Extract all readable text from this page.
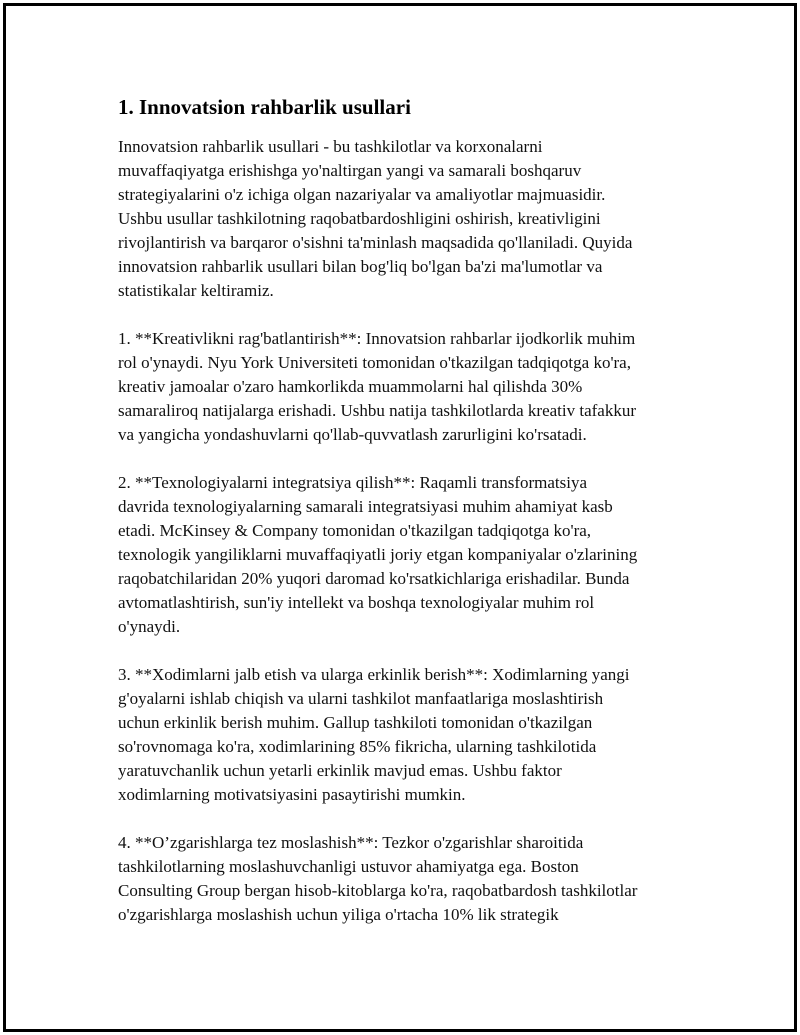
1. Innovatsion rahbarlik usullari

Innovatsion rahbarlik usullari - bu tashkilotlar va korxonalarni
muvaffaqiyatga erishishga yo'naltirgan yangi va samarali boshqaruv
strategiyalarini o'z ichiga olgan nazariyalar va amaliyotlar majmuasidir.
Ushbu usullar tashkilotning raqobatbardoshligini oshirish, kreativligini
rivojlantirish va barqaror o'sishni ta'minlash maqsadida qo'llaniladi. Quyida
innovatsion rahbarlik usullari bilan bog'liq bo'lgan ba'zi ma'lumotlar va
statistikalar keltiramiz.

1. **Kreativlikni rag'batlantirish**: Innovatsion rahbarlar ijodkorlik muhim
rol o'ynaydi. Nyu York Universiteti tomonidan o'tkazilgan tadqiqotga ko'ra,
kreativ jamoalar o'zaro hamkorlikda muammolarni hal qilishda 30%
samaraliroq natijalarga erishadi. Ushbu natija tashkilotlarda kreativ tafakkur
va yangicha yondashuvlarni qo'llab-quvvatlash zarurligini ko'rsatadi.

2. **Texnologiyalarni integratsiya qilish**: Raqamli transformatsiya
davrida texnologiyalarning samarali integratsiyasi muhim ahamiyat kasb
etadi. McKinsey & Company tomonidan o'tkazilgan tadqiqotga ko'ra,
texnologik yangiliklarni muvaffaqiyatli joriy etgan kompaniyalar o'zlarining
raqobatchilaridan 20% yuqori daromad ko'rsatkichlariga erishadilar. Bunda
avtomatlashtirish, sun'iy intellekt va boshqa texnologiyalar muhim rol
o'ynaydi.

3. **Xodimlarni jalb etish va ularga erkinlik berish**: Xodimlarning yangi
g'oyalarni ishlab chiqish va ularni tashkilot manfaatlariga moslashtirish
uchun erkinlik berish muhim. Gallup tashkiloti tomonidan o'tkazilgan
so'rovnomaga ko'ra, xodimlarining 85% fikricha, ularning tashkilotida
yaratuvchanlik uchun yetarli erkinlik mavjud emas. Ushbu faktor
xodimlarning motivatsiyasini pasaytirishi mumkin.

4. **O’zgarishlarga tez moslashish**: Tezkor o'zgarishlar sharoitida
tashkilotlarning moslashuvchanligi ustuvor ahamiyatga ega. Boston
Consulting Group bergan hisob-kitoblarga ko'ra, raqobatbardosh tashkilotlar
o'zgarishlarga moslashish uchun yiliga o'rtacha 10% lik strategik
